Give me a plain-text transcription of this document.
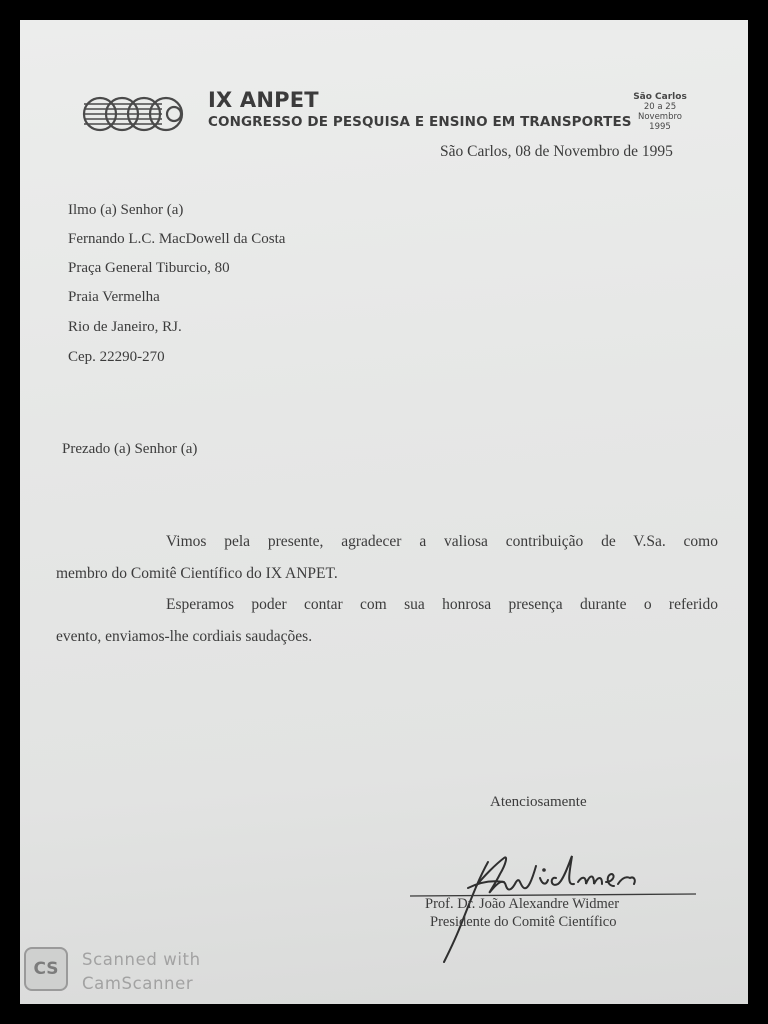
IX ANPET
CONGRESSO DE PESQUISA E ENSINO EM TRANSPORTES
São Carlos
20 a 25
Novembro
1995
São Carlos, 08 de Novembro de 1995
Ilmo (a) Senhor (a)
Fernando L.C. MacDowell da Costa
Praça General Tiburcio, 80
Praia Vermelha
Rio de Janeiro, RJ.
Cep. 22290-270
Prezado (a) Senhor (a)
Vimos pela presente, agradecer a valiosa contribuição de V.Sa. como
membro do Comitê Científico do IX ANPET.
Esperamos poder contar com sua honrosa presença durante o referido
evento, enviamos-lhe cordiais saudações.
Atenciosamente
Prof. Dr. João Alexandre Widmer
Presidente do Comitê Científico
CS	Scanned with
CamScanner
